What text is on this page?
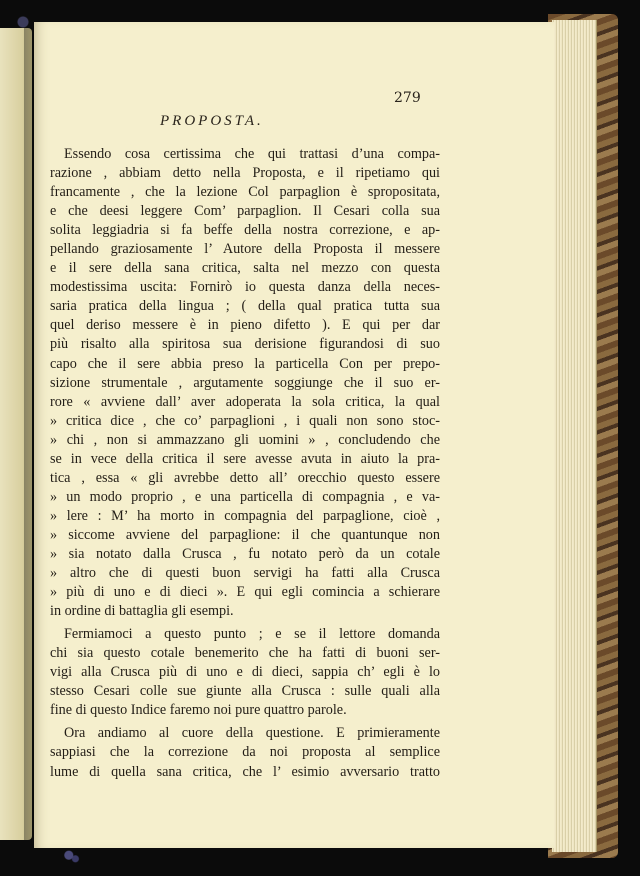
279
PROPOSTA.
Essendo cosa certissima che qui trattasi d’una compa-
razione , abbiam detto nella Proposta, e il ripetiamo qui
francamente , che la lezione Col parpaglion è spropositata,
e che deesi leggere Com’ parpaglion. Il Cesari colla sua
solita leggiadria si fa beffe della nostra correzione, e ap-
pellando graziosamente l’ Autore della Proposta il messere
e il sere della sana critica, salta nel mezzo con questa
modestissima uscita: Fornirò io questa danza della neces-
saria pratica della lingua ; ( della qual pratica tutta sua
quel deriso messere è in pieno difetto ). E qui per dar
più risalto alla spiritosa sua derisione figurandosi di suo
capo che il sere abbia preso la particella Con per prepo-
sizione strumentale , argutamente soggiunge che il suo er-
rore « avviene dall’ aver adoperata la sola critica, la qual
» critica dice , che co’ parpaglioni , i quali non sono stoc-
» chi , non si ammazzano gli uomini » , concludendo che
se in vece della critica il sere avesse avuta in aiuto la pra-
tica , essa « gli avrebbe detto all’ orecchio questo essere
» un modo proprio , e una particella di compagnia , e va-
» lere : M’ ha morto in compagnia del parpaglione, cioè ,
» siccome avviene del parpaglione: il che quantunque non
» sia notato dalla Crusca , fu notato però da un cotale
» altro che di questi buon servigi ha fatti alla Crusca
» più di uno e di dieci ». E qui egli comincia a schierare
in ordine di battaglia gli esempi.
Fermiamoci a questo punto ; e se il lettore domanda
chi sia questo cotale benemerito che ha fatti di buoni ser-
vigi alla Crusca più di uno e di dieci, sappia ch’ egli è lo
stesso Cesari colle sue giunte alla Crusca : sulle quali alla
fine di questo Indice faremo noi pure quattro parole.
Ora andiamo al cuore della questione. E primieramente
sappiasi che la correzione da noi proposta al semplice
lume di quella sana critica, che l’ esimio avversario tratto
